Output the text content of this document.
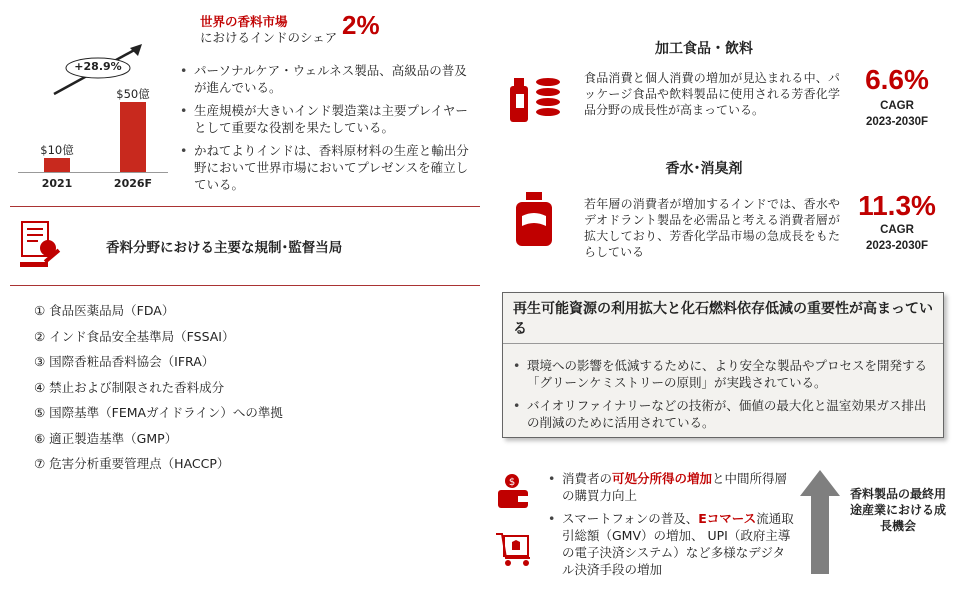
+28.9%
$10億
$50億
2021	2026F
世界の香料市場
におけるインドのシェア 2%
• パーソナルケア・ウェルネス製品、高級品の普及が進んでいる。
• 生産規模が大きいインド製造業は主要プレイヤーとして重要な役割を果たしている。
• かねてよりインドは、香料原材料の生産と輸出分野において世界市場においてプレゼンスを確立している。
香料分野における主要な規制･監督当局
① 食品医薬品局（FDA）
② インド食品安全基準局（FSSAI）
③ 国際香粧品香料協会（IFRA）
④ 禁止および制限された香料成分
⑤ 国際基準（FEMAガイドライン）への準拠
⑥ 適正製造基準（GMP）
⑦ 危害分析重要管理点（HACCP）
加工食品・飲料
食品消費と個人消費の増加が見込まれる中、パッケージ食品や飲料製品に使用される芳香化学品分野の成長性が高まっている。
6.6%
CAGR
2023-2030F
香水･消臭剤
若年層の消費者が増加するインドでは、香水やデオドラント製品を必需品と考える消費者層が拡大しており、芳香化学品市場の急成長をもたらしている
11.3%
CAGR
2023-2030F
再生可能資源の利用拡大と化石燃料依存低減の重要性が高まっている
• 環境への影響を低減するために、より安全な製品やプロセスを開発する「グリーンケミストリーの原則」が実践されている。
• バイオリファイナリーなどの技術が、価値の最大化と温室効果ガス排出の削減のために活用されている。
$
•	消費者の可処分所得の増加と中間所得層の購買力向上
• スマートフォンの普及、Eコマース流通取引総額（GMV）の増加、 UPI（政府主導の電子決済システム）など多様なデジタル決済手段の増加
香料製品の最終用途産業における成長機会
